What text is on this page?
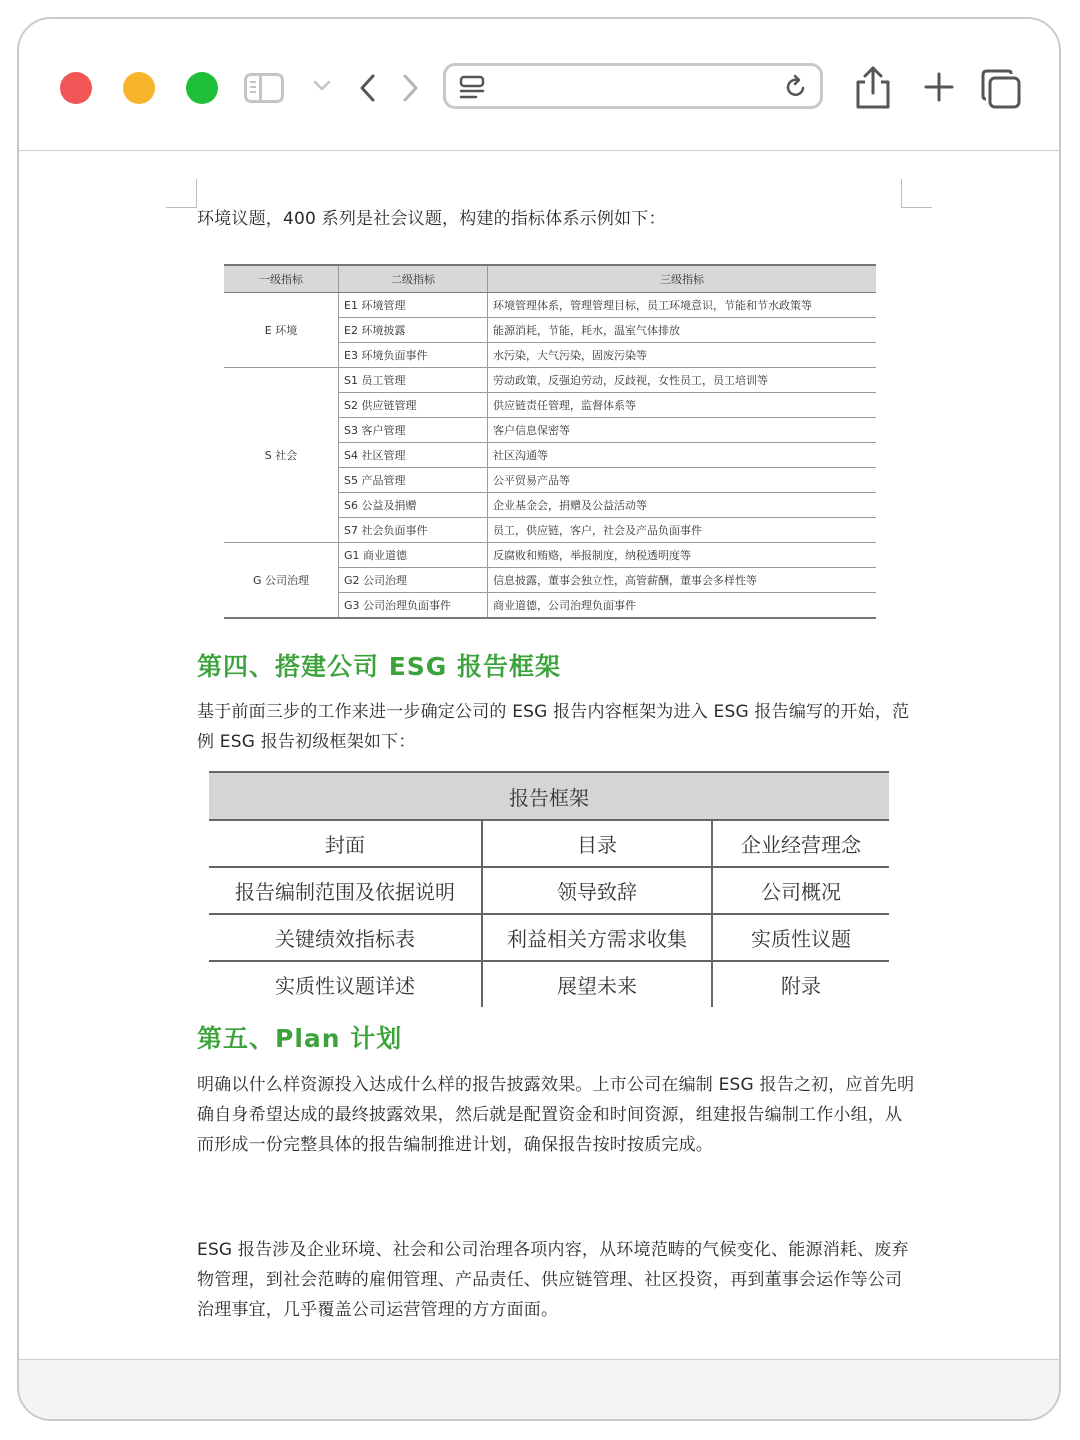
环境议题，400 系列是社会议题，构建的指标体系示例如下：
一级指标	二级指标	三级指标
E 环境	E1 环境管理	环境管理体系，管理管理目标，员工环境意识，节能和节水政策等
	E2 环境披露	能源消耗，节能，耗水，温室气体排放
	E3 环境负面事件	水污染，大气污染，固废污染等
S 社会	S1 员工管理	劳动政策，反强迫劳动，反歧视，女性员工，员工培训等
	S2 供应链管理	供应链责任管理，监督体系等
	S3 客户管理	客户信息保密等
	S4 社区管理	社区沟通等
	S5 产品管理	公平贸易产品等
	S6 公益及捐赠	企业基金会，捐赠及公益活动等
	S7 社会负面事件	员工，供应链，客户，社会及产品负面事件
G 公司治理	G1 商业道德	反腐败和贿赂，举报制度，纳税透明度等
	G2 公司治理	信息披露，董事会独立性，高管薪酬，董事会多样性等
	G3 公司治理负面事件	商业道德，公司治理负面事件
第四、搭建公司 ESG 报告框架
基于前面三步的工作来进一步确定公司的 ESG 报告内容框架为进入 ESG 报告编写的开始，范例 ESG 报告初级框架如下：
报告框架		
封面	目录	企业经营理念
报告编制范围及依据说明	领导致辞	公司概况
关键绩效指标表	利益相关方需求收集	实质性议题
实质性议题详述	展望未来	附录
第五、Plan 计划
明确以什么样资源投入达成什么样的报告披露效果。上市公司在编制 ESG 报告之初，应首先明确自身希望达成的最终披露效果，然后就是配置资金和时间资源，组建报告编制工作小组，从而形成一份完整具体的报告编制推进计划，确保报告按时按质完成。
ESG 报告涉及企业环境、社会和公司治理各项内容，从环境范畴的气候变化、能源消耗、废弃物管理，到社会范畴的雇佣管理、产品责任、供应链管理、社区投资，再到董事会运作等公司治理事宜，几乎覆盖公司运营管理的方方面面。
